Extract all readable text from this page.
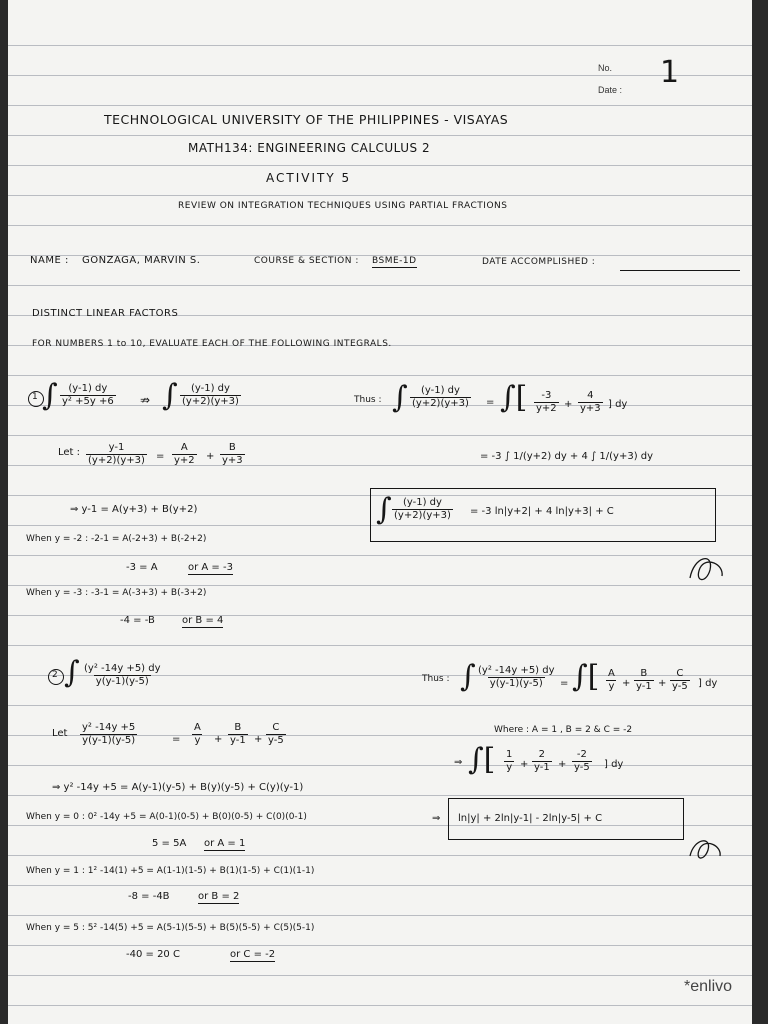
No. 1
Date :
TECHNOLOGICAL UNIVERSITY OF THE PHILIPPINES - VISAYAS
MATH134: ENGINEERING CALCULUS 2
ACTIVITY 5
REVIEW ON INTEGRATION TECHNIQUES USING PARTIAL FRACTIONS
NAME : GONZAGA, MARVIN S.	COURSE & SECTION : BSME-1D	DATE ACCOMPLISHED :
DISTINCT LINEAR FACTORS
FOR NUMBERS 1 to 10, EVALUATE EACH OF THE FOLLOWING INTEGRALS.
1 ∫ $\frac{(y-1) dy}{\text{y² +5y +6}}$ ⇏ ∫ $\frac{(y-1) dy}{(y+2)(y+3)}$
Let : $\frac{y-1}{(y+2)(y+3)} = \frac{A}{y+2} + \frac{B}{y+3}$
⇒ y-1 = A(y+3) + B(y+2)
When y = -2 : -2-1 = A(-2+3) + B(-2+2)
-3 = A	or A = -3
When y = -3 : -3-1 = A(-3+3) + B(-3+2)
-4 = -B	or B = 4
Thus : ∫ $\frac{(y-1) dy}{(y+2)(y+3)}$ = ∫[ $\frac{-3}{y+2} + \frac{4}{y+3}$ ] dy
= -3 ∫ 1/(y+2) dy + 4 ∫ 1/(y+3) dy
∫ $\frac{(y-1) dy}{(y+2)(y+3)} = -3$ ln|y+2| + 4 ln|y+3| + C
2 ∫ $\frac{\text{(y² -14y +5) dy}}{y(y-1)(y-5)}$
Let $\frac{\text{y² -14y +5}}{y(y-1)(y-5)}$	= $\frac{A}{y} + \frac{B}{y-1} + \frac{C}{y-5}$
⇒ y² -14y +5 = A(y-1)(y-5) + B(y)(y-5) + C(y)(y-1)
When y = 0 : 0² -14y +5 = A(0-1)(0-5) + B(0)(0-5) + C(0)(0-1)
5 = 5A or A = 1
When y = 1 : 1² -14(1) +5 = A(1-1)(1-5) + B(1)(1-5) + C(1)(1-1)
-8 = -4B	or B = 2
When y = 5 : 5² -14(5) +5 = A(5-1)(5-5) + B(5)(5-5) + C(5)(5-1)
-40 = 20 C	or C = -2
Thus : ∫ $\frac{\text{(y² -14y +5) dy}}{y(y-1)(y-5)}$ = ∫[ $\frac{A}{y} + \frac{B}{y-1} + \frac{C}{y-5}$ ] dy
Where : A = 1 , B = 2 & C = -2
⇒ ∫[ $\frac{1}{y} + \frac{2}{y-1} + \frac{-2}{y-5}$ ] dy
⇒ ln|y| + 2ln|y-1| - 2ln|y-5| + C
*enlivo
